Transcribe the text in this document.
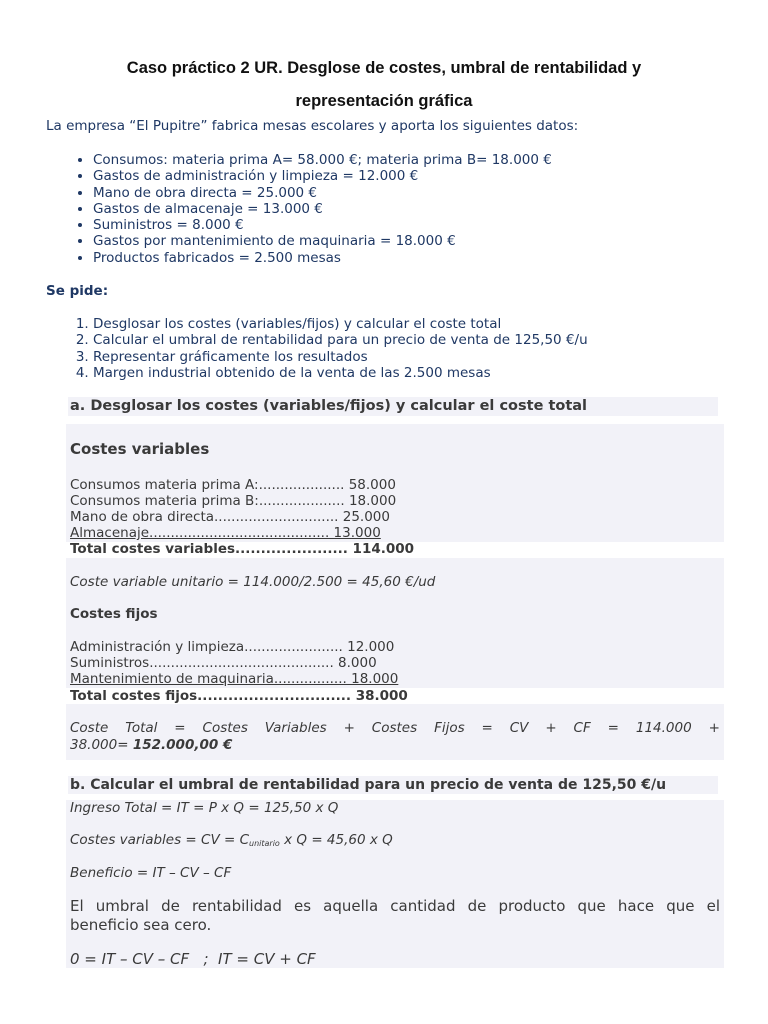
Caso práctico 2 UR. Desglose de costes, umbral de rentabilidad y
representación gráfica
La empresa “El Pupitre” fabrica mesas escolares y aporta los siguientes datos:
• Consumos: materia prima A= 58.000 €; materia prima B= 18.000 €
• Gastos de administración y limpieza = 12.000 €
• Mano de obra directa = 25.000 €
• Gastos de almacenaje = 13.000 €
• Suministros = 8.000 €
• Gastos por mantenimiento de maquinaria = 18.000 €
• Productos fabricados = 2.500 mesas
Se pide:
1. Desglosar los costes (variables/fijos) y calcular el coste total
2. Calcular el umbral de rentabilidad para un precio de venta de 125,50 €/u
3. Representar gráficamente los resultados
4. Margen industrial obtenido de la venta de las 2.500 mesas
a. Desglosar los costes (variables/fijos) y calcular el coste total
Costes variables
Consumos materia prima A:.................... 58.000
Consumos materia prima B:.................... 18.000
Mano de obra directa............................. 25.000
Almacenaje.......................................... 13.000
Total costes variables...................... 114.000
Coste variable unitario = 114.000/2.500 = 45,60 €/ud
Costes fijos
Administración y limpieza....................... 12.000
Suministros........................................... 8.000
Mantenimiento de maquinaria................. 18.000
Total costes fijos.............................. 38.000
Coste Total = Costes Variables + Costes Fijos = CV + CF = 114.000 +
38.000= 152.000,00 €
b. Calcular el umbral de rentabilidad para un precio de venta de 125,50 €/u
Ingreso Total = IT = P x Q = 125,50 x Q
Costes variables = CV = $C_{unitario}$ x Q = 45,60 x Q
Beneficio = IT – CV – CF
El umbral de rentabilidad es aquella cantidad de producto que hace que el
beneficio sea cero.
0 = IT – CV – CF   ;  IT = CV + CF
